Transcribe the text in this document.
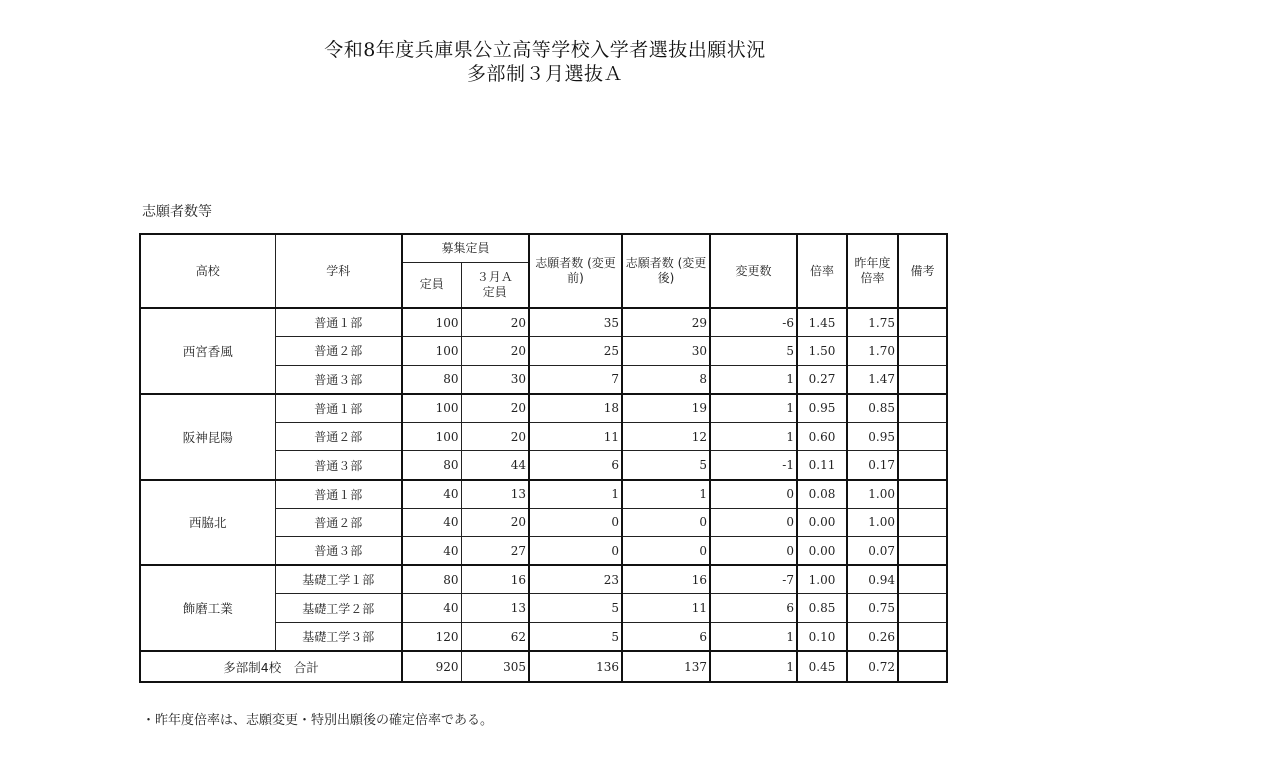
令和8年度兵庫県公立高等学校入学者選抜出願状況
多部制３月選抜Ａ
志願者数等
高校	学科	募集定員		志願者数 (変更前)	志願者数 (変更後)	変更数	倍率	昨年度 倍率	備考
		定員	３月Ａ 定員						
西宮香風	普通１部	100	20	35	29	-6	1.45	1.75	
	普通２部	100	20	25	30	5	1.50	1.70	
	普通３部	80	30	7	8	1	0.27	1.47	
阪神昆陽	普通１部	100	20	18	19	1	0.95	0.85	
	普通２部	100	20	11	12	1	0.60	0.95	
	普通３部	80	44	6	5	-1	0.11	0.17	
西脇北	普通１部	40	13	1	1	0	0.08	1.00	
	普通２部	40	20	0	0	0	0.00	1.00	
	普通３部	40	27	0	0	0	0.00	0.07	
飾磨工業	基礎工学１部	80	16	23	16	-7	1.00	0.94	
	基礎工学２部	40	13	5	11	6	0.85	0.75	
	基礎工学３部	120	62	5	6	1	0.10	0.26	
多部制4校　合計		920	305	136	137	1	0.45	0.72	
・昨年度倍率は、志願変更・特別出願後の確定倍率である。
